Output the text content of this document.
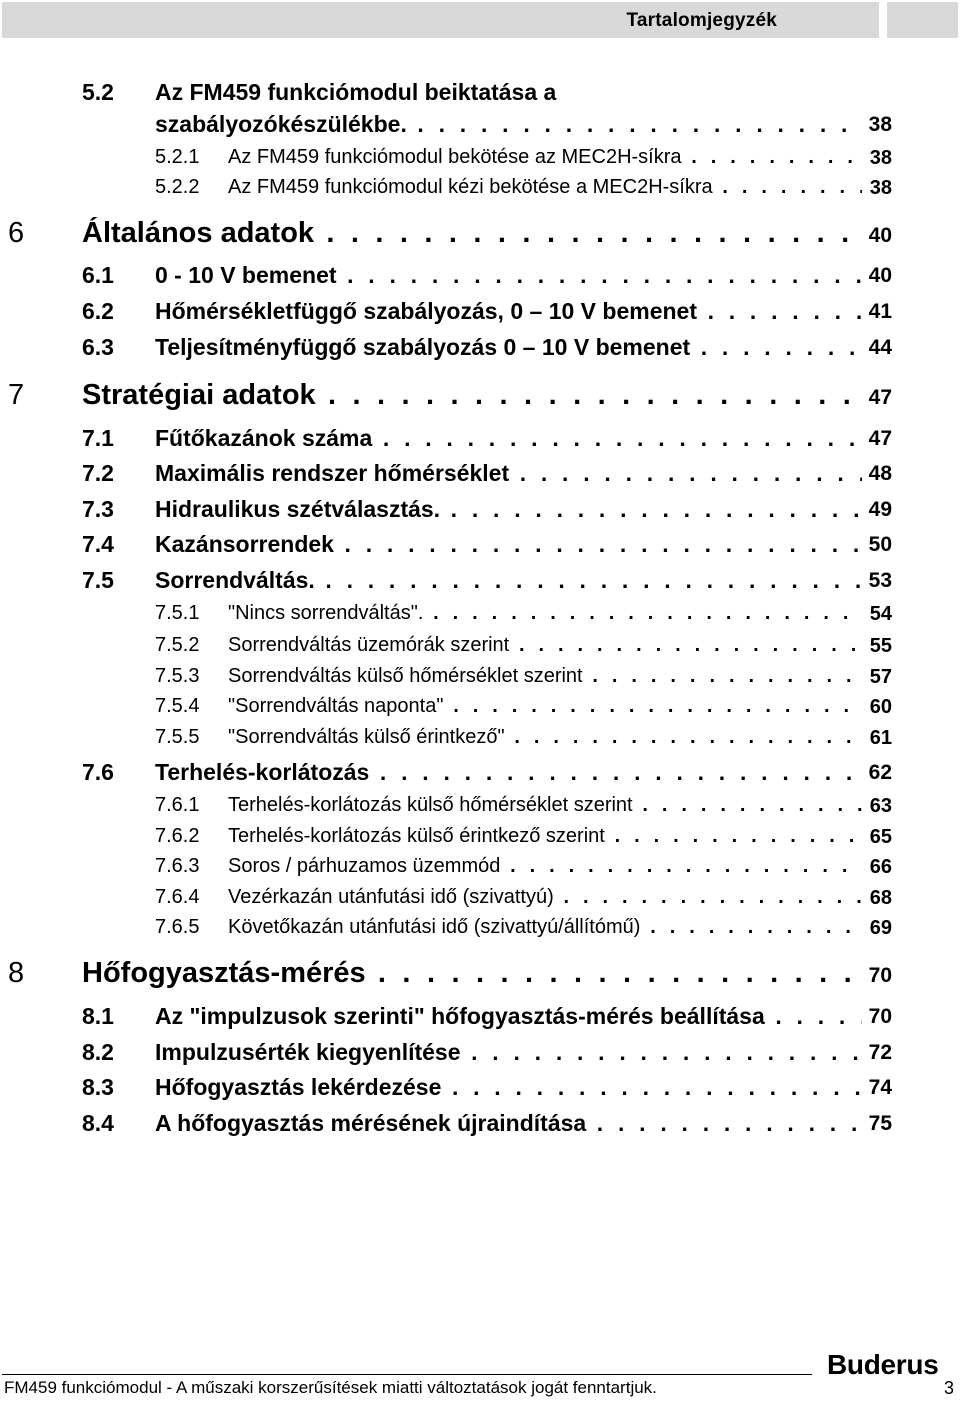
Tartalomjegyzék
5.2 Az FM459 funkciómodul beiktatása a
szabályozókészülékbe. . . .	38
5.2.1 Az FM459 funkciómodul bekötése az MEC2H-síkra . . .	38
5.2.2 Az FM459 funkciómodul kézi bekötése a MEC2H-síkra . . .	38
6 Általános adatok . . .	40
6.1 0 - 10 V bemenet . . .	40
6.2 Hőmérsékletfüggő szabályozás, 0 – 10 V bemenet . . .	41
6.3 Teljesítményfüggő szabályozás 0 – 10 V bemenet . . .	44
7 Stratégiai adatok . . .	47
7.1 Fűtőkazánok száma . . .	47
7.2 Maximális rendszer hőmérséklet . . .	48
7.3 Hidraulikus szétválasztás. . . .	49
7.4 Kazánsorrendek . . .	50
7.5 Sorrendváltás. . . .	53
7.5.1 "Nincs sorrendváltás". . . .	54
7.5.2 Sorrendváltás üzemórák szerint . . .	55
7.5.3 Sorrendváltás külső hőmérséklet szerint . . .	57
7.5.4 "Sorrendváltás naponta" . . .	60
7.5.5 "Sorrendváltás külső érintkező" . . .	61
7.6 Terhelés-korlátozás . . .	62
7.6.1 Terhelés-korlátozás külső hőmérséklet szerint . . .	63
7.6.2 Terhelés-korlátozás külső érintkező szerint . . .	65
7.6.3 Soros / párhuzamos üzemmód . . .	66
7.6.4 Vezérkazán utánfutási idő (szivattyú) . . .	68
7.6.5 Követőkazán utánfutási idő (szivattyú/állítómű) . . .	69
8 Hőfogyasztás-mérés . . .	70
8.1 Az "impulzusok szerinti" hőfogyasztás-mérés beállítása . . .	70
8.2 Impulzusérték kiegyenlítése . . .	72
8.3 Hőfogyasztás lekérdezése . . .	74
8.4 A hőfogyasztás mérésének újraindítása . . .	75
Buderus
FM459 funkciómodul - A műszaki korszerűsítések miatti változtatások jogát fenntartjuk.	3
